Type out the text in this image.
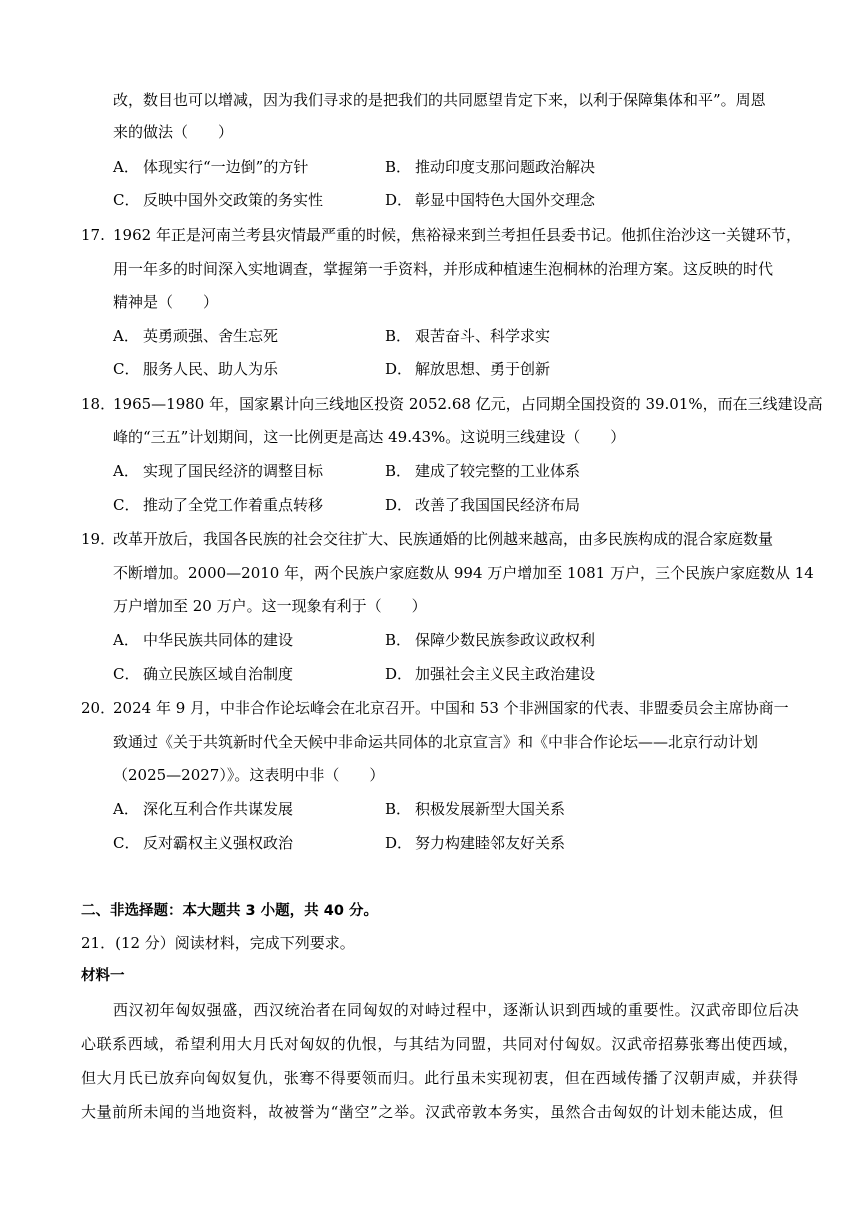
改，数目也可以增减，因为我们寻求的是把我们的共同愿望肯定下来，以利于保障集体和平”。周恩
来的做法（　　）
A． 体现实行“一边倒”的方针	B． 推动印度支那问题政治解决
C． 反映中国外交政策的务实性	D． 彰显中国特色大国外交理念
17. 1962 年正是河南兰考县灾情最严重的时候，焦裕禄来到兰考担任县委书记。他抓住治沙这一关键环节，
用一年多的时间深入实地调查，掌握第一手资料，并形成种植速生泡桐林的治理方案。这反映的时代
精神是（　　）
A． 英勇顽强、舍生忘死	B． 艰苦奋斗、科学求实
C． 服务人民、助人为乐	D． 解放思想、勇于创新
18．
1965—1980 年，国家累计向三线地区投资 2052.68 亿元，占同期全国投资的 39.01%，而在三线建设高
峰的“三五”计划期间，这一比例更是高达 49.43%。这说明三线建设（　　）
A． 实现了国民经济的调整目标	B． 建成了较完整的工业体系
C． 推动了全党工作着重点转移	D． 改善了我国国民经济布局
19．
改革开放后，我国各民族的社会交往扩大、民族通婚的比例越来越高，由多民族构成的混合家庭数量
不断增加。2000—2010 年，两个民族户家庭数从 994 万户增加至 1081 万户，三个民族户家庭数从 14
万户增加至 20 万户。这一现象有利于（　　）
A． 中华民族共同体的建设	B． 保障少数民族参政议政权利
C． 确立民族区域自治制度	D． 加强社会主义民主政治建设
20．
2024 年 9 月，中非合作论坛峰会在北京召开。中国和 53 个非洲国家的代表、非盟委员会主席协商一
致通过《关于共筑新时代全天候中非命运共同体的北京宣言》和《中非合作论坛——北京行动计划
（2025—2027）》。这表明中非（　　）
A． 深化互利合作共谋发展	B． 积极发展新型大国关系
C． 反对霸权主义强权政治	D． 努力构建睦邻友好关系
二、非选择题：本大题共 3 小题，共 40 分。
21．(12 分）阅读材料，完成下列要求。
材料一
西汉初年匈奴强盛，西汉统治者在同匈奴的对峙过程中，逐渐认识到西域的重要性。汉武帝即位后决
心联系西域，希望利用大月氏对匈奴的仇恨，与其结为同盟，共同对付匈奴。汉武帝招募张骞出使西域，
但大月氏已放弃向匈奴复仇，张骞不得要领而归。此行虽未实现初衷，但在西域传播了汉朝声威，并获得
大量前所未闻的当地资料，故被誉为“凿空”之举。汉武帝敦本务实，虽然合击匈奴的计划未能达成，但
